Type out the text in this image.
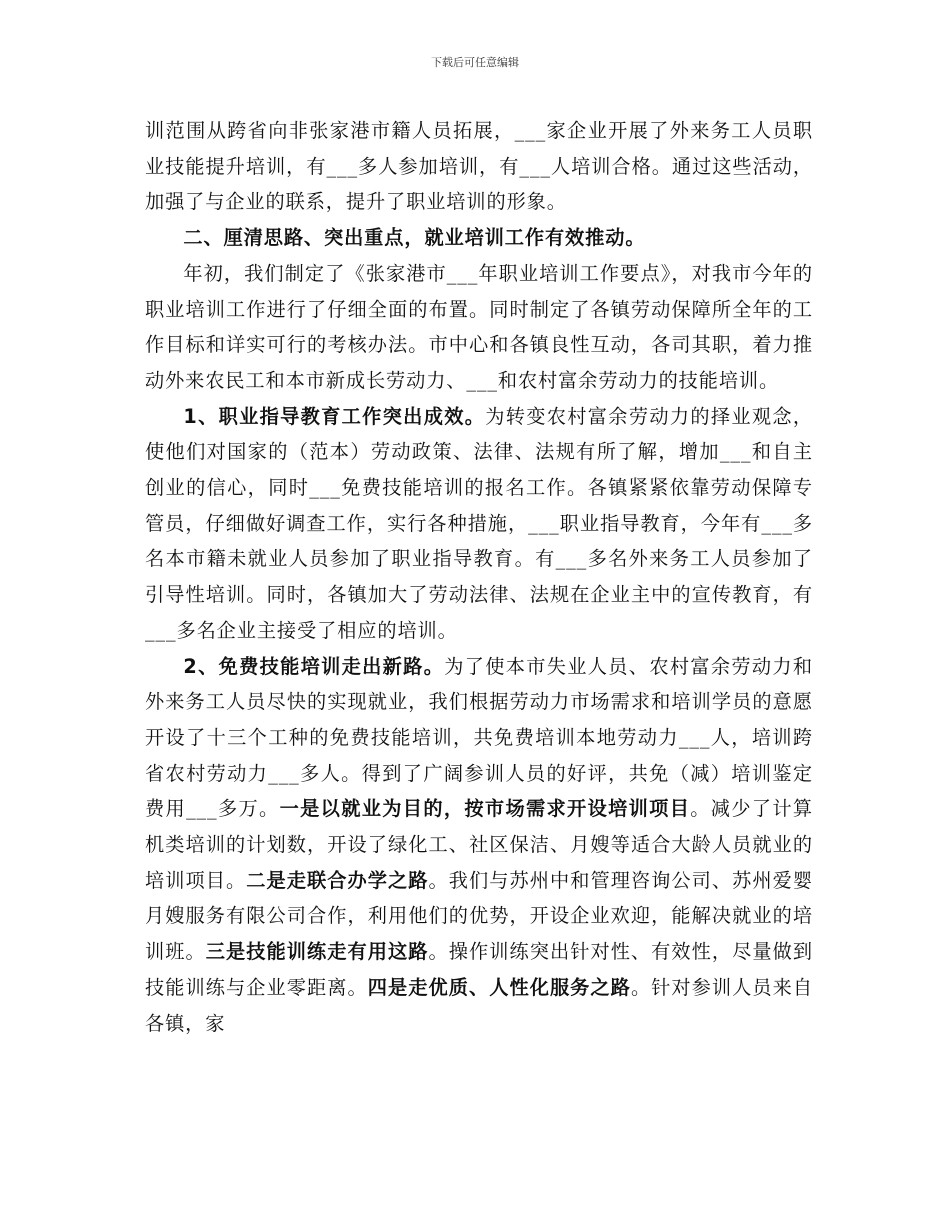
下载后可任意编辑

训范围从跨省向非张家港市籍人员拓展，___家企业开展了外来务工人员职业技能提升培训，有___多人参加培训，有___人培训合格。通过这些活动，加强了与企业的联系，提升了职业培训的形象。

二、厘清思路、突出重点，就业培训工作有效推动。

年初，我们制定了《张家港市___年职业培训工作要点》，对我市今年的职业培训工作进行了仔细全面的布置。同时制定了各镇劳动保障所全年的工作目标和详实可行的考核办法。市中心和各镇良性互动，各司其职，着力推动外来农民工和本市新成长劳动力、___和农村富余劳动力的技能培训。

1、职业指导教育工作突出成效。为转变农村富余劳动力的择业观念，使他们对国家的（范本）劳动政策、法律、法规有所了解，增加___和自主创业的信心，同时___免费技能培训的报名工作。各镇紧紧依靠劳动保障专管员，仔细做好调查工作，实行各种措施，___职业指导教育，今年有___多名本市籍未就业人员参加了职业指导教育。有___多名外来务工人员参加了引导性培训。同时，各镇加大了劳动法律、法规在企业主中的宣传教育，有___多名企业主接受了相应的培训。

2、免费技能培训走出新路。为了使本市失业人员、农村富余劳动力和外来务工人员尽快的实现就业，我们根据劳动力市场需求和培训学员的意愿开设了十三个工种的免费技能培训，共免费培训本地劳动力___人，培训跨省农村劳动力___多人。得到了广阔参训人员的好评，共免（减）培训鉴定费用___多万。一是以就业为目的，按市场需求开设培训项目。减少了计算机类培训的计划数，开设了绿化工、社区保洁、月嫂等适合大龄人员就业的培训项目。二是走联合办学之路。我们与苏州中和管理咨询公司、苏州爱婴月嫂服务有限公司合作，利用他们的优势，开设企业欢迎，能解决就业的培训班。三是技能训练走有用这路。操作训练突出针对性、有效性，尽量做到技能训练与企业零距离。四是走优质、人性化服务之路。针对参训人员来自各镇，家
